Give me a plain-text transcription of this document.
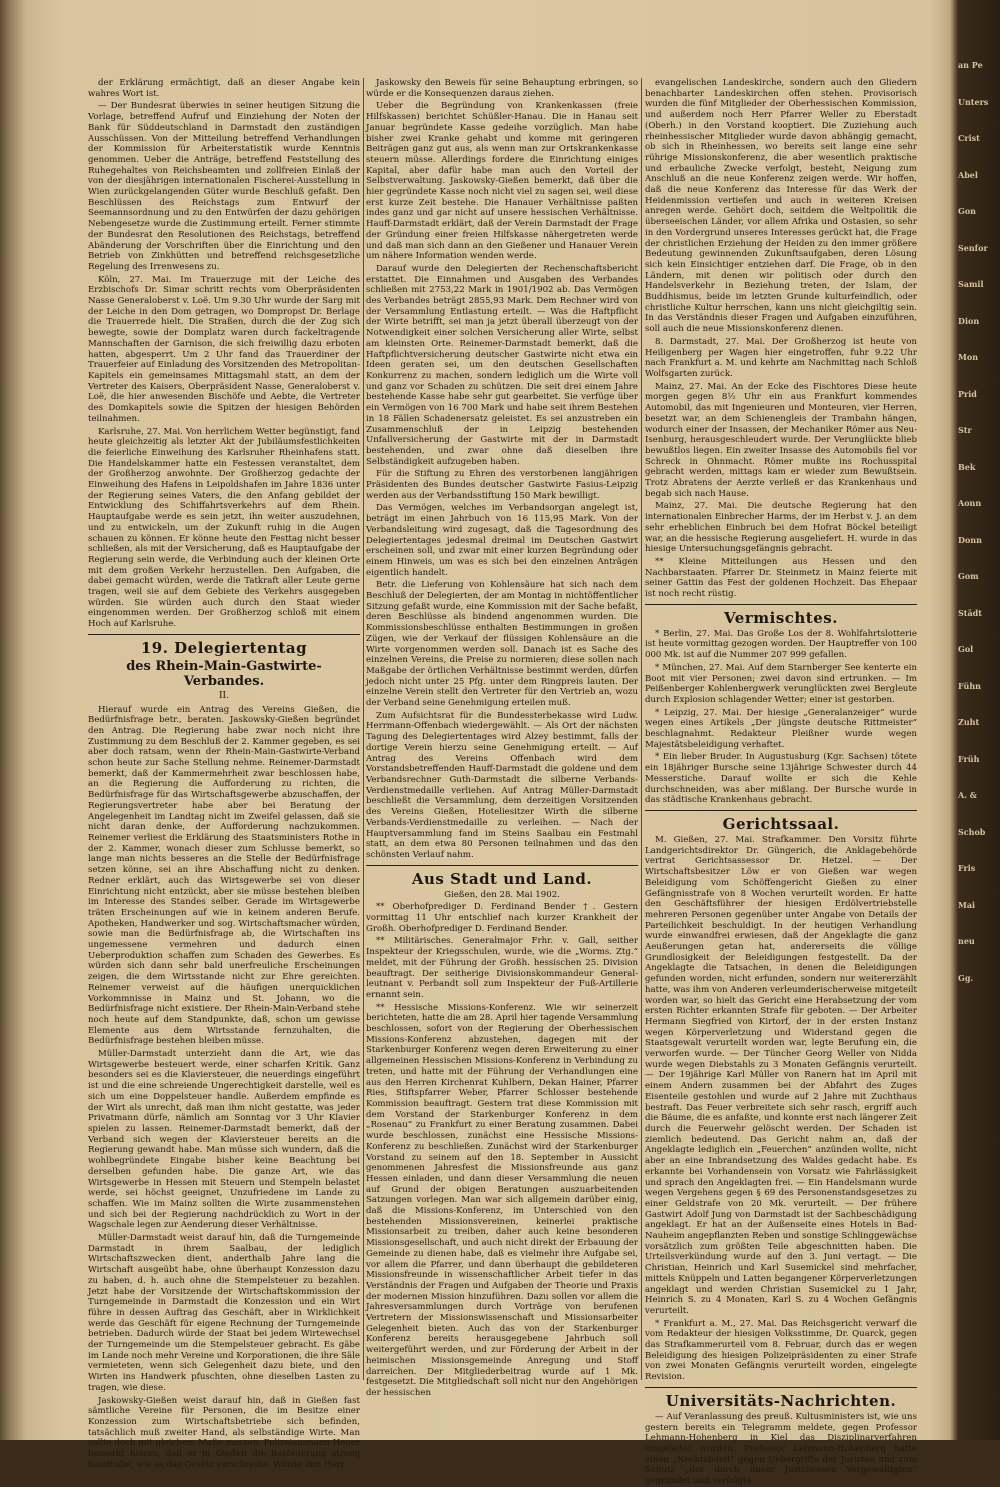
der Erklärung ermächtigt, daß an dieser Angabe kein wahres Wort ist.

— Der Bundesrat überwies in seiner heutigen Sitzung die Vorlage, betreffend Aufruf und Einziehung der Noten der Bank für Süddeutschland in Darmstadt den zuständigen Ausschüssen. Von der Mitteilung betreffend Verhandlungen der Kommission für Arbeiterstatistik wurde Kenntnis genommen. Ueber die Anträge, betreffend Feststellung des Ruhegehaltes von Reichsbeamten und zollfreien Einlaß der von der diesjährigen internationalen Fischerei-Ausstellung in Wien zurückgelangenden Güter wurde Beschluß gefaßt. Den Beschlüssen des Reichstags zum Entwurf der Seemannsordnung und zu den Entwürfen der dazu gehörigen Nebengesetze wurde die Zustimmung erteilt. Ferner stimmte der Bundesrat den Resolutionen des Reichstags, betreffend Abänderung der Vorschriften über die Einrichtung und den Betrieb von Zinkhütten und betreffend reichsgesetzliche Regelung des Irrenwesens zu.

Köln, 27. Mai. Im Trauerzuge mit der Leiche des Erzbischofs Dr. Simar schritt rechts vom Oberpräsidenten Nasse Generaloberst v. Loë. Um 9.30 Uhr wurde der Sarg mit der Leiche in den Dom getragen, wo Dompropst Dr. Berlage die Trauerrede hielt. Die Straßen, durch die der Zug sich bewegte, sowie der Domplatz waren durch fackeltragende Mannschaften der Garnison, die sich freiwillig dazu erboten hatten, abgesperrt. Um 2 Uhr fand das Trauerdiner der Trauerfeier auf Einladung des Vorsitzenden des Metropolitan-Kapitels ein gemeinsames Mittagsmahl statt, an dem der Vertreter des Kaisers, Oberpräsident Nasse, Generaloberst v. Loë, die hier anwesenden Bischöfe und Aebte, die Vertreter des Domkapitels sowie die Spitzen der hiesigen Behörden teilnahmen.

Karlsruhe, 27. Mai. Von herrlichem Wetter begünstigt, fand heute gleichzeitig als letzter Akt der Jubiläumsfestlichkeiten die feierliche Einweihung des Karlsruher Rheinhafens statt. Die Handelskammer hatte ein Festessen veranstaltet, dem der Großherzog anwohnte. Der Großherzog gedachte der Einweihung des Hafens in Leipoldshafen im Jahre 1836 unter der Regierung seines Vaters, die den Anfang gebildet der Entwicklung des Schiffahrtsverkehrs auf dem Rhein. Hauptaufgabe werde es sein jetzt, ihn weiter auszudehnen, und zu entwickeln, um der Zukunft ruhig in die Augen schauen zu können. Er könne heute den Festtag nicht besser schließen, als mit der Versicherung, daß es Hauptaufgabe der Regierung sein werde, die Verbindung auch der kleinen Orte mit dem großen Verkehr herzustellen. Den Aufgaben, die dabei gemacht würden, werde die Tatkraft aller Leute gerne tragen, weil sie auf dem Gebiete des Verkehrs ausgegeben würden. Sie würden auch durch den Staat wieder eingenommen werden. Der Großherzog schloß mit einem Hoch auf Karlsruhe.

19. Delegiertentag
des Rhein-Main-Gastwirte-Verbandes.
II.

Hierauf wurde ein Antrag des Vereins Gießen, die Bedürfnisfrage betr., beraten. Jaskowsky-Gießen begründet den Antrag. Die Regierung habe zwar noch nicht ihre Zustimmung zu dem Beschluß der 2. Kammer gegeben, es sei aber doch ratsam, wenn der Rhein-Main-Gastwirte-Verband schon heute zur Sache Stellung nehme. Reinemer-Darmstadt bemerkt, daß der Kammermehrheit zwar beschlossen habe, an die Regierung die Aufforderung zu richten, die Bedürfnisfrage für das Wirtschaftsgewerbe abzuschaffen, der Regierungsvertreter habe aber bei Beratung der Angelegenheit im Landtag nicht im Zweifel gelassen, daß sie nicht daran denke, der Aufforderung nachzukommen. Reinemer verliest die Erklärung des Staatsministers Rothe in der 2. Kammer, wonach dieser zum Schlusse bemerkt, so lange man nichts besseres an die Stelle der Bedürfnisfrage setzen könne, sei an ihre Abschaffung nicht zu denken. Redner erklärt, auch das Wirtsgewerbe sei von dieser Einrichtung nicht entzückt, aber sie müsse bestehen bleiben im Interesse des Standes selber. Gerade im Wirtsgewerbe träten Erscheinungen auf wie in keinem anderen Berufe. Apotheken, Handwerker und sog. Wirtschaftsmacher würden, sowie man die Bedürfnisfrage ab, die Wirtschaften ins ungemessene vermehren und dadurch einen Ueberproduktion schaffen zum Schaden des Gewerbes. Es würden sich dann sehr bald unerfreuliche Erscheinungen zeigen, die dem Wirtsstande nicht zur Ehre gereichten. Reinemer verweist auf die häufigen unerquicklichen Vorkommnisse in Mainz und St. Johann, wo die Bedürfnisfrage nicht existiere. Der Rhein-Main-Verband stehe noch heute auf dem Standpunkte, daß, schon um gewisse Elemente aus dem Wirtsstande fernzuhalten, die Bedürfnisfrage bestehen bleiben müsse.

Müller-Darmstadt unterzieht dann die Art, wie das Wirtsgewerbe besteuert werde, einer scharfen Kritik. Ganz besonders sei es die Klaviersteuer, die neuerdings eingeführt ist und die eine schreiende Ungerechtigkeit darstelle, weil es sich um eine Doppelsteuer handle. Außerdem empfinde es der Wirt als unrecht, daß man ihm nicht gestatte, was jeder Privatmann dürfe, nämlich am Sonntag vor 3 Uhr Klavier spielen zu lassen. Reinemer-Darmstadt bemerkt, daß der Verband sich wegen der Klaviersteuer bereits an die Regierung gewandt habe. Man müsse sich wundern, daß die wohlbegründete Eingabe bisher keine Beachtung bei derselben gefunden habe. Die ganze Art, wie das Wirtsgewerbe in Hessen mit Steuern und Stempeln belastet werde, sei höchst geeignet, Unzufriedene im Lande zu schaffen. Wie im Mainz sollten die Wirte zusammenstehen und sich bei der Regierung nachdrücklich zu Wort in der Wagschale legen zur Aenderung dieser Verhältnisse.

Müller-Darmstadt weist darauf hin, daß die Turngemeinde Darmstadt in ihrem Saalbau, der lediglich Wirtschaftszwecken dient, anderthalb Jahre lang die Wirtschaft ausgeübt habe, ohne überhaupt Konzession dazu zu haben, d. h. auch ohne die Stempelsteuer zu bezahlen. Jetzt habe der Vorsitzende der Wirtschaftskommission der Turngemeinde in Darmstadt die Konzession und ein Wirt führe in dessen Auftrag das Geschäft, aber in Wirklichkeit werde das Geschäft für eigene Rechnung der Turngemeinde betrieben. Dadurch würde der Staat bei jedem Wirtewechsel der Turngemeinde um die Stempelsteuer gebracht. Es gäbe im Lande noch mehr Vereine und Korporationen, die ihre Säle vermieteten, wenn sich Gelegenheit dazu biete, und den Wirten ins Handwerk pfuschten, ohne dieselben Lasten zu tragen, wie diese.

Jaskowsky-Gießen weist darauf hin, daß in Gießen fast sämtliche Vereine für Personen, die im Besitze einer Konzession zum Wirtschaftsbetriebe sich befinden, tatsächlich muß zweiter Hand, als selbständige Wirte. Man sollte doch mit gleichem Maße messen. Polizeiammann Heuer bemerkt hierzu, daß er in Gießen die Besteuerung streng handhabe, wie es das Gesetz vorschreibe. Würde ihm Herr

Jaskowsky den Beweis für seine Behauptung erbringen, so würde er die Konsequenzen daraus ziehen.

Ueber die Begründung von Krankenkassen (freie Hilfskassen) berichtet Schüßler-Hanau. Die in Hanau seit Januar begründete Kasse gedeihe vorzüglich. Man habe bisher zwei Kranke gehabt und komme mit geringeren Beiträgen ganz gut aus, als wenn man zur Ortskrankenkasse steuern müsse. Allerdings fordere die Einrichtung einiges Kapital, aber dafür habe man auch den Vorteil der Selbstverwaltung. Jaskowsky-Gießen bemerkt, daß über die hier gegründete Kasse noch nicht viel zu sagen sei, weil diese erst kurze Zeit bestehe. Die Hanauer Verhältnisse paßten indes ganz und gar nicht auf unsere hessischen Verhältnisse. Hauff-Darmstadt erklärt, daß der Verein Darmstadt der Frage der Gründung einer freien Hilfskasse nähergetreten werde und daß man sich dann an den Gießener und Hanauer Verein um nähere Information wenden werde.

Darauf wurde den Delegierten der Rechenschaftsbericht erstattet. Die Einnahmen und Ausgaben des Verbandes schließen mit 2753,22 Mark in 1901/1902 ab. Das Vermögen des Verbandes beträgt 2855,93 Mark. Dem Rechner wird von der Versammlung Entlastung erteilt. — Was die Haftpflicht der Wirte betrifft, sei man ja jetzt überall überzeugt von der Notwendigkeit einer solchen Versicherung aller Wirte, selbst am kleinsten Orte. Reinemer-Darmstadt bemerkt, daß die Haftpflichtversicherung deutscher Gastwirte nicht etwa ein Ideen geraten sei, um den deutschen Gesellschaften Konkurrenz zu machen, sondern lediglich um die Wirte voll und ganz vor Schaden zu schützen. Die seit drei einem Jahre bestehende Kasse habe sehr gut gearbeitet. Sie verfüge über ein Vermögen von 16 700 Mark und habe seit ihrem Bestehen in 18 Fällen Schadenersatz geleistet. Es sei anzustreben ein Zusammenschluß der in Leipzig bestehenden Unfallversicherung der Gastwirte mit der in Darmstadt bestehenden, und zwar ohne daß dieselben ihre Selbständigkeit aufzugeben haben.

Für die Stiftung zu Ehren des verstorbenen langjährigen Präsidenten des Bundes deutscher Gastwirte Fasius-Leipzig werden aus der Verbandsstiftung 150 Mark bewilligt.

Das Vermögen, welches im Verbandsorgan angelegt ist, beträgt im einen Jahrbuch von 16 115,95 Mark. Von der Verbandsleitung wird zugesagt, daß die Tagesordnung des Delegiertentages jedesmal dreimal im Deutschen Gastwirt erscheinen soll, und zwar mit einer kurzen Begründung oder einem Hinweis, um was es sich bei den einzelnen Anträgen eigentlich handelt.

Betr. die Lieferung von Kohlensäure hat sich nach dem Beschluß der Delegierten, der am Montag in nichtöffentlicher Sitzung gefaßt wurde, eine Kommission mit der Sache befaßt, deren Beschlüsse als bindend angenommen wurden. Die Kommissionsbeschlüsse enthalten Bestimmungen in großen Zügen, wie der Verkauf der flüssigen Kohlensäure an die Wirte vorgenommen werden soll. Danach ist es Sache des einzelnen Vereins, die Preise zu normieren; diese sollen nach Maßgabe der örtlichen Verhältnisse bestimmt werden, dürfen jedoch nicht unter 25 Pfg. unter dem Ringpreis lauten. Der einzelne Verein stellt den Vertreter für den Vertrieb an, wozu der Verband seine Genehmigung erteilen muß.

Zum Aufsichtsrat für die Bundessterbekasse wird Ludw. Herrmann-Offenbach wiedergewählt. — Als Ort der nächsten Tagung des Delegiertentages wird Alzey bestimmt, falls der dortige Verein hierzu seine Genehmigung erteilt. — Auf Antrag des Vereins Offenbach wird dem Vorstandsbetreffenden Hauff-Darmstadt die goldene und dem Verbandsrechner Guth-Darmstadt die silberne Verbands-Verdienstmedaille verliehen. Auf Antrag Müller-Darmstadt beschließt die Versammlung, dem derzeitigen Vorsitzenden des Vereins Gießen, Hoteliesitzer Wirth die silberne Verbands-Verdienstmedaille zu verleihen. — Nach der Hauptversammlung fand im Steins Saalbau ein Festmahl statt, an dem etwa 80 Personen teilnahmen und das den schönsten Verlauf nahm.

Aus Stadt und Land.

Gießen, den 28. Mai 1902.

** Oberhofprediger D. Ferdinand Bender †. Gestern vormittag 11 Uhr entschlief nach kurzer Krankheit der Großh. Oberhofprediger D. Ferdinand Bender.

** Militärisches. Generalmajor Frhr. v. Gall, seither Inspekteur der Kriegsschulen, wurde, wie die „Worms. Ztg.“ meldet, mit der Führung der Großh. hessischen 25. Division beauftragt. Der seitherige Divisionskommandeur General-leutnant v. Perbandt soll zum Inspekteur der Fuß-Artillerie ernannt sein.

** Hessische Missions-Konferenz. Wie wir seinerzeit berichteten, hatte die am 28. April hier tagende Versammlung beschlossen, sofort von der Regierung der Oberhessischen Missions-Konferenz abzustehen, dagegen mit der Starkenburger Konferenz wegen deren Erweiterung zu einer allgemeinen Hessischen Missions-Konferenz in Verbindung zu treten, und hatte mit der Führung der Verhandlungen eine aus den Herren Kirchenrat Kuhlbern, Dekan Hainer, Pfarrer Ries, Stiftspfarrer Weber, Pfarrer Schlosser bestehende Kommission beauftragt. Gestern trat diese Kommission mit dem Vorstand der Starkenburger Konferenz in dem „Rosenau“ zu Frankfurt zu einer Beratung zusammen. Dabei wurde beschlossen, zunächst eine Hessische Missions-Konferenz zu beschließen. Zunächst wird der Starkenburger Vorstand zu seinem auf den 18. September in Aussicht genommenen Jahresfest die Missionsfreunde aus ganz Hessen einladen, und dann dieser Versammlung die neuen auf Grund der obigen Beratungen auszuarbeitenden Satzungen vorlegen. Man war sich allgemein darüber einig, daß die Missions-Konferenz, im Unterschied von den bestehenden Missionsvereinen, keinerlei praktische Missionsarbeit zu treiben, daher auch keine besonderen Missionsgesellschaft, und auch nicht direkt der Erbauung der Gemeinde zu dienen habe, daß es vielmehr ihre Aufgabe sei, vor allem die Pfarrer, und dann überhaupt die gebildeteren Missionsfreunde in wissenschaftlicher Arbeit tiefer in das Verständnis der Fragen und Aufgaben der Theorie und Praxis der modernen Mission hinzuführen. Dazu sollen vor allem die Jahresversammlungen durch Vorträge von berufenen Vertretern der Missionswissenschaft und Missionsarbeiter Gelegenheit bieten. Auch das von der Starkenburger Konferenz bereits herausgegebene Jahrbuch soll weitergeführt werden, und zur Förderung der Arbeit in der heimischen Missionsgemeinde Anregung und Stoff darreichen. Der Mitgliederbeitrag wurde auf 1 Mk. festgesetzt. Die Mitgliedschaft soll nicht nur den Angehörigen der hessischen

evangelischen Landeskirche, sondern auch den Gliedern benachbarter Landeskirchen offen stehen. Provisorisch wurden die fünf Mitglieder der Oberhessischen Kommission, und außerdem noch Herr Pfarrer Weller zu Eberstadt (Oberh.) in den Vorstand kooptiert. Die Zuziehung auch rheinhessischer Mitglieder wurde davon abhängig gemacht, ob sich in Rheinhessen, wo bereits seit lange eine sehr rührige Missionskonferenz, die aber wesentlich praktische und erbauliche Zwecke verfolgt, besteht, Neigung zum Anschluß an die neue Konferenz zeigen werde. Wir hoffen, daß die neue Konferenz das Interesse für das Werk der Heidenmission vertiefen und auch in weiteren Kreisen anregen werde. Gehört doch, seitdem die Weltpolitik die überseeischen Länder, vor allem Afrika und Ostasien, so sehr in den Vordergrund unseres Interesses gerückt hat, die Frage der christlichen Erziehung der Heiden zu den immer größere Bedeutung gewinnenden Zukunftsaufgaben, deren Lösung sich kein Einsichtiger entziehen darf. Die Frage, ob in den Ländern, mit denen wir politisch oder durch den Handelsverkehr in Beziehung treten, der Islam, der Buddhismus, beide im letzten Grunde kulturfeindlich, oder christliche Kultur herrschen, kann uns nicht gleichgiltig sein. In das Verständnis dieser Fragen und Aufgaben einzuführen, soll auch die neue Missionskonferenz dienen.

8. Darmstadt, 27. Mai. Der Großherzog ist heute von Heiligenberg per Wagen hier eingetroffen, fuhr 9.22 Uhr nach Frankfurt a. M. und kehrte am Nachmittag nach Schloß Wolfsgarten zurück.

Mainz, 27. Mai. An der Ecke des Fischtores Diese heute morgen gegen 8½ Uhr ein aus Frankfurt kommendes Automobil, das mit Ingenieuren und Monteuren, vier Herren, besetzt war, an dem Schienengleis der Trambahn hängen, wodurch einer der Insassen, der Mechaniker Römer aus Neu-Isenburg, herausgeschleudert wurde. Der Verunglückte blieb bewußtlos liegen. Ein zweiter Insasse des Automobils fiel vor Schreck in Ohnmacht. Römer mußte ins Rochusspital gebracht werden, mittags kam er wieder zum Bewußtsein. Trotz Abratens der Aerzte verließ er das Krankenhaus und begab sich nach Hause.

Mainz, 27. Mai. Die deutsche Regierung hat den internationalen Einbrecher Harms, der im Herbst v. J. an dem sehr erheblichen Einbruch bei dem Hofrat Böckel beteiligt war, an die hessische Regierung ausgeliefert. H. wurde in das hiesige Untersuchungsgefängnis gebracht.

** Kleine Mitteilungen aus Hessen und den Nachbarstaaten. Pfarrer Dr. Steinmetz in Mainz feierte mit seiner Gattin das Fest der goldenen Hochzeit. Das Ehepaar ist noch recht rüstig.

Vermischtes.

* Berlin, 27. Mai. Das Große Los der 8. Wohlfahrtslotterie ist heute vormittag gezogen worden. Der Hauptreffer von 100 000 Mk. ist auf die Nummer 207 999 gefallen.

* München, 27. Mai. Auf dem Starnberger See kenterte ein Boot mit vier Personen; zwei davon sind ertrunken. — Im Peißenberger Kohlenbergwerk verunglückten zwei Bergleute durch Explosion schlagender Wetter; einer ist gestorben.

* Leipzig, 27. Mai. Der hiesige „Generalanzeiger“ wurde wegen eines Artikels „Der jüngste deutsche Rittmeister“ beschlagnahmt. Redakteur Pleißner wurde wegen Majestätsbeleidigung verhaftet.

* Ein lieber Bruder. In Augustusburg (Kgr. Sachsen) tötete ein 18jähriger Bursche seine 13jährige Schwester durch 44 Messerstiche. Darauf wollte er sich die Kehle durchschneiden, was aber mißlang. Der Bursche wurde in das städtische Krankenhaus gebracht.

Gerichtssaal.

M. Gießen, 27. Mai. Strafkammer. Den Vorsitz führte Landgerichtsdirektor Dr. Güngerich, die Anklagebehörde vertrat Gerichtsassessor Dr. Hetzel. — Der Wirtschaftsbesitzer Löw er von Gießen war wegen Beleidigung vom Schöffengericht Gießen zu einer Gefängnisstrafe von 8 Wochen verurteilt worden. Er hatte den Geschäftsführer der hiesigen Erdölvertriebstelle mehreren Personen gegenüber unter Angabe von Details der Parteilichkeit beschuldigt. In der heutigen Verhandlung wurde einwandfrei erwiesen, daß der Angeklagte die ganz Aeußerungen getan hat, andererseits die völlige Grundlosigkeit der Beleidigungen festgestellt. Da der Angeklagte die Tatsachen, in denen die Beleidigungen gefunden worden, nicht erfunden, sondern nur weitererzählt hatte, was ihm von Anderen verleumderischerweise mitgeteilt worden war, so hielt das Gericht eine Herabsetzung der vom ersten Richter erkannten Strafe für geboten. — Der Arbeiter Hermann Siegfried von Kirtorf, der in der ersten Instanz wegen Körperverletzung und Widerstand gegen die Staatsgewalt verurteilt worden war, legte Berufung ein, die verworfen wurde. — Der Tüncher Georg Weller von Nidda wurde wegen Diebstahls zu 3 Monaten Gefängnis verurteilt. — Der 19jährige Karl Müller von Ranern hat im April mit einem Andern zusammen bei der Abfahrt des Zuges Eisenteile gestohlen und wurde auf 2 Jahre mit Zuchthaus bestraft. Das Feuer verbreitete sich sehr rasch, ergriff auch die Bäume, die es anfaßte, und konnte erst nach längerer Zeit durch die Feuerwehr gelöscht werden. Der Schaden ist ziemlich bedeutend. Das Gericht nahm an, daß der Angeklagte lediglich ein „Feuerchen“ anzünden wollte, nicht aber an eine Inbrandsetzung des Waldes gedacht habe. Es erkannte bei Vorhandensein von Vorsatz wie Fahrlässigkeit und sprach den Angeklagten frei. — Ein Handelsmann wurde wegen Vergehens gegen § 69 des Personenstandsgesetzes zu einer Geldstrafe von 20 Mk. verurteilt. — Der frühere Gastwirt Adolf Jung von Darmstadt ist der Sachbeschädigung angeklagt. Er hat an der Außenseite eines Hotels in Bad-Nauheim angepflanzten Reben und sonstige Schlinggewächse vorsätzlich zum größten Teile abgeschnitten haben. Die Urteilsverkündung wurde auf den 3. Juni vertagt. — Die Christian, Heinrich und Karl Susemickel sind mehrfacher, mittels Knüppeln und Latten begangener Körperverletzungen angeklagt und werden Christian Susemickel zu 1 Jahr, Heinrich S. zu 4 Monaten, Karl S. zu 4 Wochen Gefängnis verurteilt.

* Frankfurt a. M., 27. Mai. Das Reichsgericht verwarf die vom Redakteur der hiesigen Volksstimme, Dr. Quarck, gegen das Strafkammerurteil vom 8. Februar, durch das er wegen Beleidigung des hiesigen Polizeipräsidenten zu einer Strafe von zwei Monaten Gefängnis verurteilt worden, eingelegte Revision.

Universitäts-Nachrichten.

— Auf Veranlassung des preuß. Kultusministers ist, wie uns gestern bereits ein Telegramm meldete, gegen Professor Lehmann-Hohenberg in Kiel das Disziplinarverfahren eingeleitet worden. Professor Lehmann-Hohenberg hatte einen „Nechtsbund“ gegen Uebergriffe der Juristen und zum Schutz „der durch unser Justizwesen Vergewaltigten“ gegründet und verfolgte

an Pe
Unters
Crist
Abel
Gon
Senfor
Samil
Dion
Mon
Prid
Str
Bek
Aonn
Donn
Gom
Städt
Gol
Fühn
Zuht
Früh
A. &
Schob
Fris
Mai
neu
Gg.
